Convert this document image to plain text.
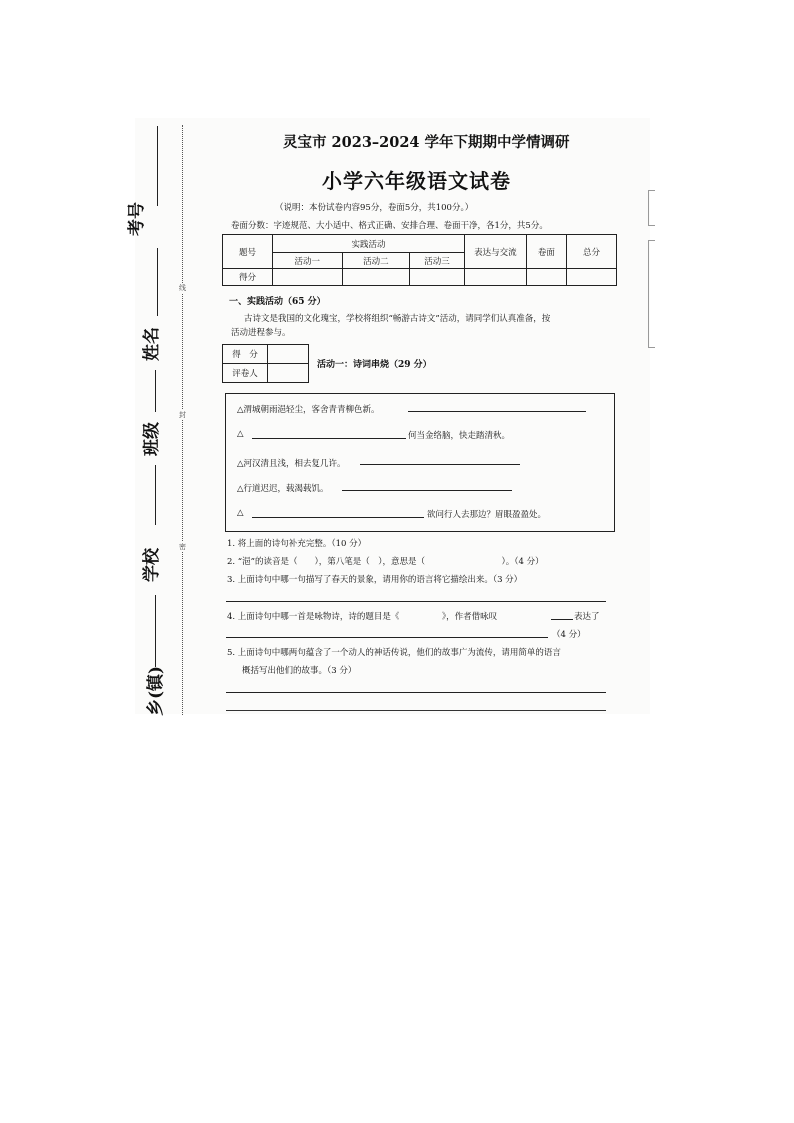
考号
姓名
班级
学校
乡(镇)
线
封
密
灵宝市 2023–2024 学年下期期中学情调研
小学六年级语文试卷
（说明：本份试卷内容95分，卷面5分，共100分。）
卷面分数：字迹规范、大小适中、格式正确、安排合理、卷面干净，各1分，共5分。
题号	实践活动			表达与交流	卷面	总分
	活动一	活动二	活动三			
得分						
一、实践活动（65 分）
古诗文是我国的文化瑰宝，学校将组织“畅游古诗文”活动，请同学们认真准备，按
活动进程参与。
得　分	
评卷人	
活动一：诗词串烧（29 分）
△渭城朝雨浥轻尘，客舍青青柳色新。
△	何当金络脑，快走踏清秋。
△河汉清且浅，相去复几许。
△行道迟迟，载渴载饥。
△	欲问行人去那边？眉眼盈盈处。
1. 将上面的诗句补充完整。（10 分）
2. “浥”的读音是（　　），第八笔是（　），意思是（　　　　　　　　　）。（4 分）
3. 上面诗句中哪一句描写了春天的景象，请用你的语言将它描绘出来。（3 分）
4. 上面诗句中哪一首是咏物诗，诗的题目是《　　　　　》，作者借咏叹	表达了
（4 分）
5. 上面诗句中哪两句蕴含了一个动人的神话传说，他们的故事广为流传，请用简单的语言
概括写出他们的故事。（3 分）
